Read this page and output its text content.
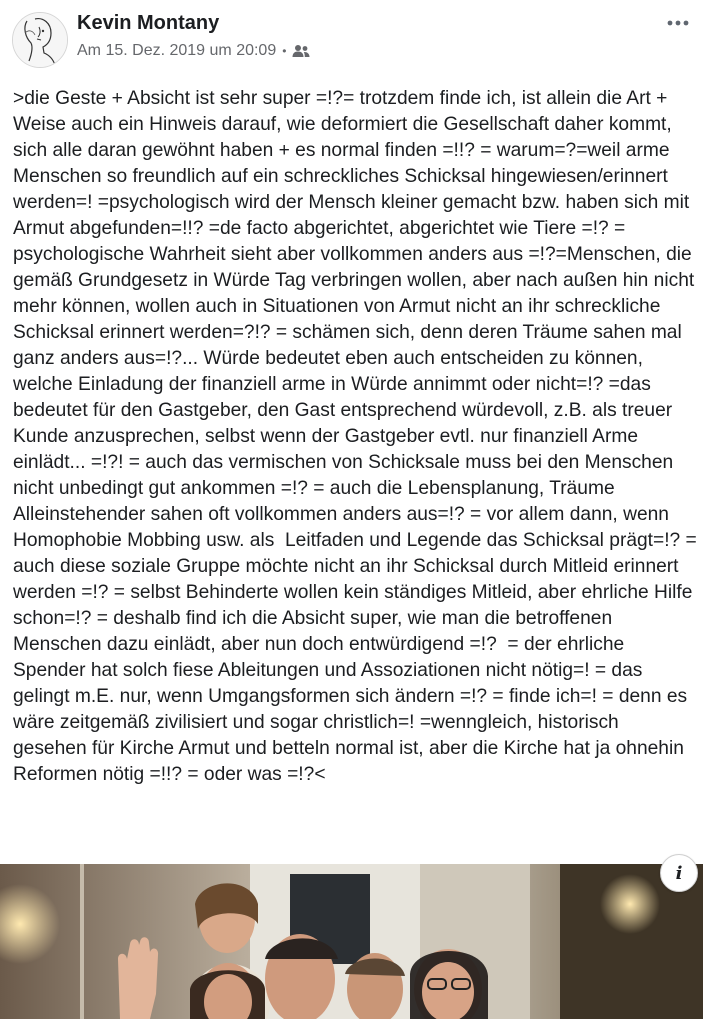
Kevin Montany
Am 15. Dez. 2019 um 20:09 •
>die Geste + Absicht ist sehr super =!?= trotzdem finde ich, ist allein die Art + Weise auch ein Hinweis darauf, wie deformiert die Gesellschaft daher kommt, sich alle daran gewöhnt haben + es normal finden =!!? = warum=?=weil arme Menschen so freundlich auf ein schreckliches Schicksal hingewiesen/erinnert werden=! =psychologisch wird der Mensch kleiner gemacht bzw. haben sich mit Armut abgefunden=!!? =de facto abgerichtet, abgerichtet wie Tiere =!? = psychologische Wahrheit sieht aber vollkommen anders aus =!?=Menschen, die gemäß Grundgesetz in Würde Tag verbringen wollen, aber nach außen hin nicht mehr können, wollen auch in Situationen von Armut nicht an ihr schreckliche Schicksal erinnert werden=?!? = schämen sich, denn deren Träume sahen mal ganz anders aus=!?... Würde bedeutet eben auch entscheiden zu können, welche Einladung der finanziell arme in Würde annimmt oder nicht=!? =das bedeutet für den Gastgeber, den Gast entsprechend würdevoll, z.B. als treuer Kunde anzusprechen, selbst wenn der Gastgeber evtl. nur finanziell Arme einlädt... =!?! = auch das vermischen von Schicksale muss bei den Menschen nicht unbedingt gut ankommen =!? = auch die Lebensplanung, Träume Alleinstehender sahen oft vollkommen anders aus=!? = vor allem dann, wenn Homophobie Mobbing usw. als  Leitfaden und Legende das Schicksal prägt=!? = auch diese soziale Gruppe möchte nicht an ihr Schicksal durch Mitleid erinnert werden =!? = selbst Behinderte wollen kein ständiges Mitleid, aber ehrliche Hilfe schon=!? = deshalb find ich die Absicht super, wie man die betroffenen Menschen dazu einlädt, aber nun doch entwürdigend =!?  = der ehrliche Spender hat solch fiese Ableitungen und Assoziationen nicht nötig=! = das gelingt m.E. nur, wenn Umgangsformen sich ändern =!? = finde ich=! = denn es wäre zeitgemäß zivilisiert und sogar christlich=! =wenngleich, historisch gesehen für Kirche Armut und betteln normal ist, aber die Kirche hat ja ohnehin Reformen nötig =!!? = oder was =!?<
i
